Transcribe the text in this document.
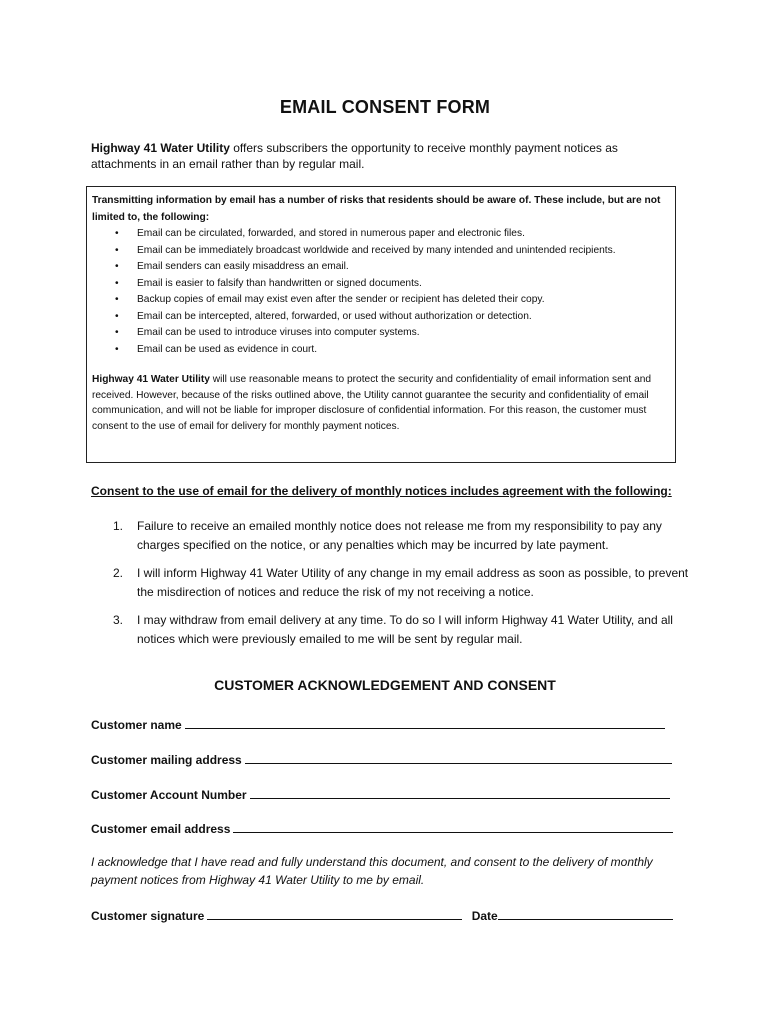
EMAIL CONSENT FORM
Highway 41 Water Utility offers subscribers the opportunity to receive monthly payment notices as attachments in an email rather than by regular mail.
Transmitting information by email has a number of risks that residents should be aware of. These include, but are not limited to, the following:
• Email can be circulated, forwarded, and stored in numerous paper and electronic files.
• Email can be immediately broadcast worldwide and received by many intended and unintended recipients.
• Email senders can easily misaddress an email.
• Email is easier to falsify than handwritten or signed documents.
• Backup copies of email may exist even after the sender or recipient has deleted their copy.
• Email can be intercepted, altered, forwarded, or used without authorization or detection.
• Email can be used to introduce viruses into computer systems.
• Email can be used as evidence in court.
Highway 41 Water Utility will use reasonable means to protect the security and confidentiality of email information sent and received. However, because of the risks outlined above, the Utility cannot guarantee the security and confidentiality of email communication, and will not be liable for improper disclosure of confidential information. For this reason, the customer must consent to the use of email for delivery for monthly payment notices.
Consent to the use of email for the delivery of monthly notices includes agreement with the following:
1. Failure to receive an emailed monthly notice does not release me from my responsibility to pay any charges specified on the notice, or any penalties which may be incurred by late payment.
2. I will inform Highway 41 Water Utility of any change in my email address as soon as possible, to prevent the misdirection of notices and reduce the risk of my not receiving a notice.
3. I may withdraw from email delivery at any time. To do so I will inform Highway 41 Water Utility, and all notices which were previously emailed to me will be sent by regular mail.
CUSTOMER ACKNOWLEDGEMENT AND CONSENT
Customer name
Customer mailing address
Customer Account Number
Customer email address
I acknowledge that I have read and fully understand this document, and consent to the delivery of monthly payment notices from Highway 41 Water Utility to me by email.
Customer signature	Date
